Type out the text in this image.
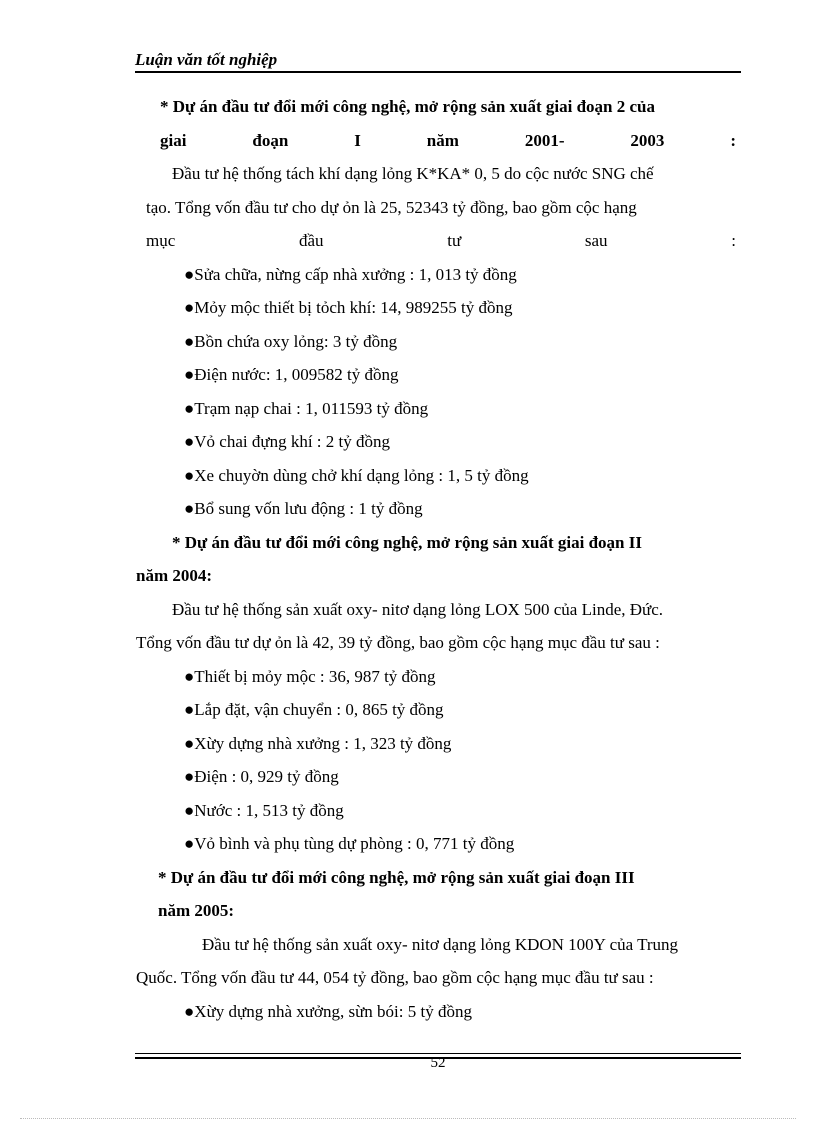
Luận văn tốt nghiệp
* Dự án đầu tư đổi mới công nghệ, mở rộng sản xuất giai đoạn 2 của
giai	đoạn	I	năm	2001-	2003	:
Đầu tư hệ thống tách khí dạng lỏng K*KA* 0, 5 do cộc nước SNG chế
tạo. Tổng vốn đầu tư cho dự ỏn là 25, 52343 tỷ đồng, bao gồm cộc hạng
mục	đầu	tư	sau	:
●Sửa chữa, nừng cấp nhà xưởng : 1, 013 tỷ đồng
●Mỏy mộc thiết bị tỏch khí: 14, 989255 tỷ đồng
●Bồn chứa oxy lỏng: 3 tỷ đồng
●Điện nước: 1, 009582 tỷ đồng
●Trạm nạp chai : 1, 011593 tỷ đồng
●Vỏ chai đựng khí : 2 tỷ đồng
●Xe chuyờn dùng chở khí dạng lỏng : 1, 5 tỷ đồng
●Bổ sung vốn lưu động : 1 tỷ đồng
* Dự án đầu tư đổi mới công nghệ, mở rộng sản xuất giai đoạn II
năm 2004:
Đầu tư hệ thống sản xuất oxy- nitơ dạng lỏng LOX 500 của Linde, Đức.
Tổng vốn đầu tư dự ỏn là 42, 39 tỷ đồng, bao gồm cộc hạng mục đầu tư sau :
●Thiết bị mỏy mộc : 36, 987 tỷ đồng
●Lắp đặt, vận chuyển : 0, 865 tỷ đồng
●Xừy dựng nhà xưởng : 1, 323 tỷ đồng
●Điện : 0, 929 tỷ đồng
●Nước : 1, 513 tỷ đồng
●Vỏ bình và phụ tùng dự phòng : 0, 771 tỷ đồng
* Dự án đầu tư đổi mới công nghệ, mở rộng sản xuất giai đoạn III
năm 2005:
Đầu tư hệ thống sản xuất oxy- nitơ dạng lỏng KDON 100Y của Trung
Quốc. Tổng vốn đầu tư 44, 054 tỷ đồng, bao gồm cộc hạng mục đầu tư sau :
●Xừy dựng nhà xưởng, sừn bói: 5 tỷ đồng
52
